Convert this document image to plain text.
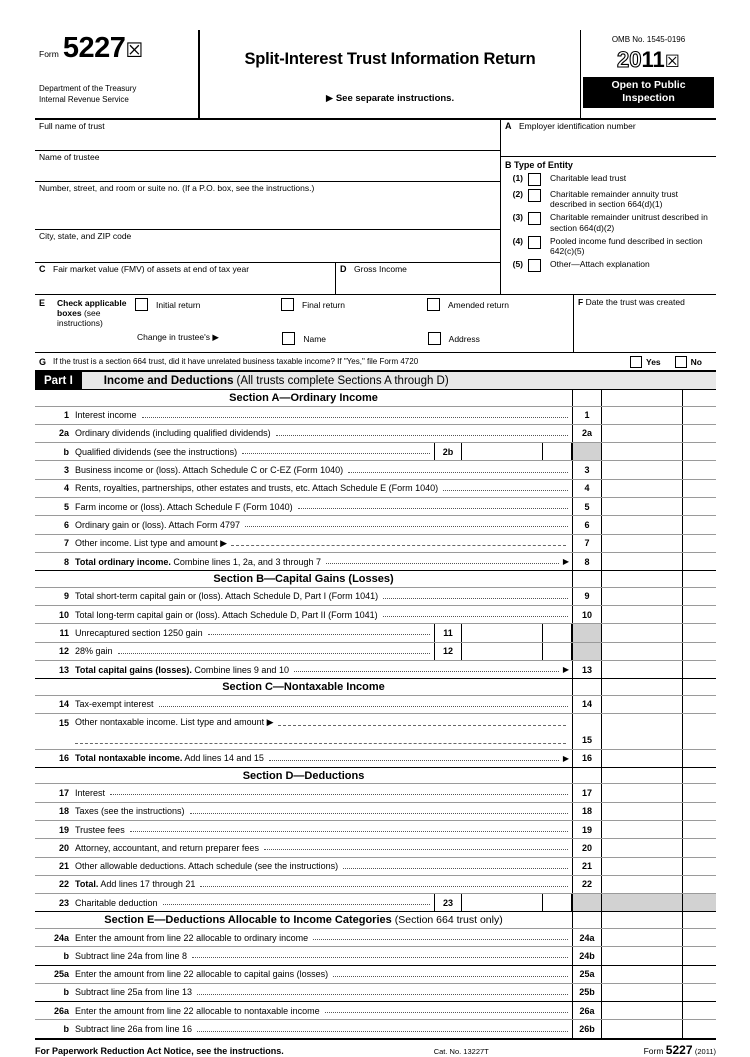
Form 5227 ☒
Department of the Treasury
Internal Revenue Service
Split-Interest Trust Information Return
▶ See separate instructions.
OMB No. 1545-0196
2011☒
Open to Public
Inspection
Full name of trust
Name of trustee
Number, street, and room or suite no. (If a P.O. box, see the instructions.)
City, state, and ZIP code
C Fair market value (FMV) of assets at end of tax year	D Gross Income
A Employer identification number
B Type of Entity
(1)	Charitable lead trust
(2)	Charitable remainder annuity trust described in section 664(d)(1)
(3)	Charitable remainder unitrust described in section 664(d)(2)
(4)	Pooled income fund described in section 642(c)(5)
(5)	Other—Attach explanation
E	Check applicable boxes (see instructions)
Initial return	Final return	Amended return
Change in trustee's ▶	Name	Address
F Date the trust was created
G If the trust is a section 664 trust, did it have unrelated business taxable income? If "Yes," file Form 4720	Yes	No
Part I	Income and Deductions (All trusts complete Sections A through D)
Section A—Ordinary Income
1 Interest income	1
2a Ordinary dividends (including qualified dividends)	2a
b Qualified dividends (see the instructions)	2b
3 Business income or (loss). Attach Schedule C or C-EZ (Form 1040)	3
4 Rents, royalties, partnerships, other estates and trusts, etc. Attach Schedule E (Form 1040)	4
5 Farm income or (loss). Attach Schedule F (Form 1040)	5
6 Ordinary gain or (loss). Attach Form 4797	6
7 Other income. List type and amount ▶	7
8 Total ordinary income. Combine lines 1, 2a, and 3 through 7	▶	8
Section B—Capital Gains (Losses)
9 Total short-term capital gain or (loss). Attach Schedule D, Part I (Form 1041)	9
10 Total long-term capital gain or (loss). Attach Schedule D, Part II (Form 1041)	10
11 Unrecaptured section 1250 gain	11
12 28% gain	12
13 Total capital gains (losses). Combine lines 9 and 10	▶	13
Section C—Nontaxable Income
14 Tax-exempt interest	14
15 Other nontaxable income. List type and amount ▶
15
16 Total nontaxable income. Add lines 14 and 15	▶	16
Section D—Deductions
17 Interest	17
18 Taxes (see the instructions)	18
19 Trustee fees	19
20 Attorney, accountant, and return preparer fees	20
21 Other allowable deductions. Attach schedule (see the instructions)	21
22 Total. Add lines 17 through 21	22
23 Charitable deduction	23
Section E—Deductions Allocable to Income Categories (Section 664 trust only)
24a Enter the amount from line 22 allocable to ordinary income	24a
b Subtract line 24a from line 8	24b
25a Enter the amount from line 22 allocable to capital gains (losses)	25a
b Subtract line 25a from line 13	25b
26a Enter the amount from line 22 allocable to nontaxable income	26a
b Subtract line 26a from line 16	26b
For Paperwork Reduction Act Notice, see the instructions.	Cat. No. 13227T	Form 5227 (2011)
